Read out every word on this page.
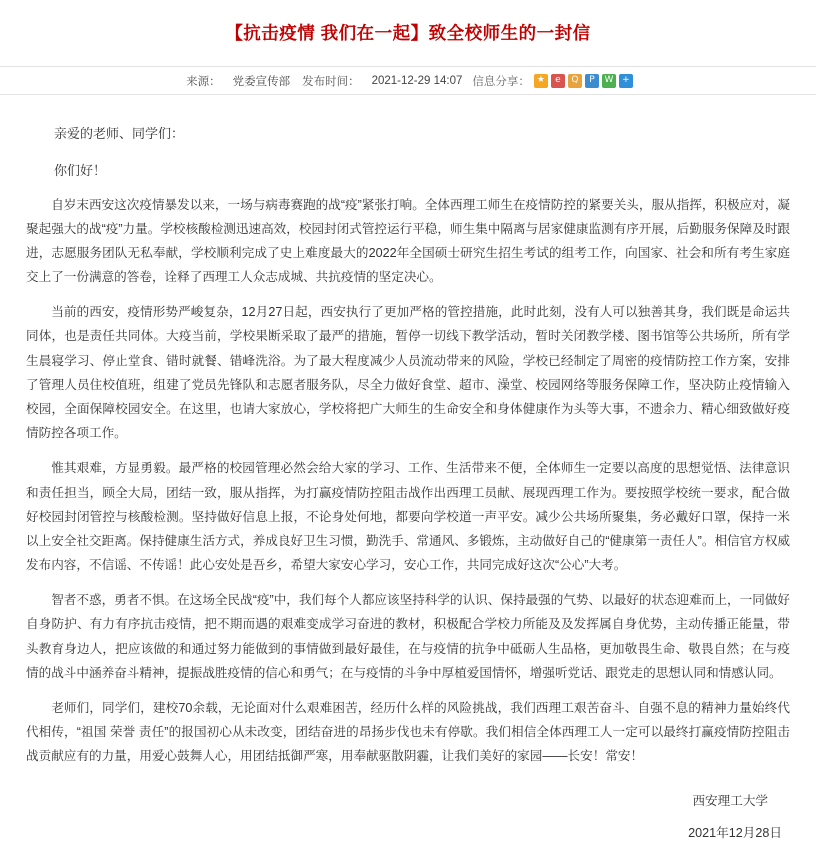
【抗击疫情 我们在一起】致全校师生的一封信
来源： 党委宣传部 发布时间： 2021-12-29 14:07 信息分享： ★	e	Q	P	W +

亲爱的老师、同学们：

你们好！

自岁末西安这次疫情暴发以来，一场与病毒赛跑的战“疫”紧张打响。全体西理工师生在疫情防控的紧要关头，服从指挥，积极应对，凝聚起强大的战“疫”力量。学校核酸检测迅速高效，校园封闭式管控运行平稳，师生集中隔离与居家健康监测有序开展，后勤服务保障及时跟进，志愿服务团队无私奉献，学校顺利完成了史上难度最大的2022年全国硕士研究生招生考试的组考工作，向国家、社会和所有考生家庭交上了一份满意的答卷，诠释了西理工人众志成城、共抗疫情的坚定决心。

当前的西安，疫情形势严峻复杂，12月27日起，西安执行了更加严格的管控措施，此时此刻，没有人可以独善其身，我们既是命运共同体，也是责任共同体。大疫当前，学校果断采取了最严的措施，暂停一切线下教学活动，暂时关闭教学楼、图书馆等公共场所，所有学生晨寝学习、停止堂食、错时就餐、错峰洗浴。为了最大程度减少人员流动带来的风险，学校已经制定了周密的疫情防控工作方案，安排了管理人员住校值班，组建了党员先锋队和志愿者服务队，尽全力做好食堂、超市、澡堂、校园网络等服务保障工作，坚决防止疫情输入校园，全面保障校园安全。在这里，也请大家放心，学校将把广大师生的生命安全和身体健康作为头等大事，不遗余力、精心细致做好疫情防控各项工作。

惟其艰难，方显勇毅。最严格的校园管理必然会给大家的学习、工作、生活带来不便，全体师生一定要以高度的思想觉悟、法律意识和责任担当，顾全大局，团结一致，服从指挥，为打赢疫情防控阻击战作出西理工员献、展现西理工作为。要按照学校统一要求，配合做好校园封闭管控与核酸检测。坚持做好信息上报，不论身处何地，都要向学校道一声平安。减少公共场所聚集，务必戴好口罩，保持一米以上安全社交距离。保持健康生活方式，养成良好卫生习惯，勤洗手、常通风、多锻炼，主动做好自己的“健康第一责任人”。相信官方权威发布内容，不信谣、不传谣！此心安处是吾乡，希望大家安心学习，安心工作，共同完成好这次“公心”大考。

智者不惑，勇者不惧。在这场全民战“疫”中，我们每个人都应该坚持科学的认识、保持最强的气势、以最好的状态迎难而上，一同做好自身防护、有力有序抗击疫情，把不期而遇的艰难变成学习奋进的教材，积极配合学校力所能及及发挥属自身优势，主动传播正能量，带头教育身边人，把应该做的和通过努力能做到的事情做到最好最佳，在与疫情的抗争中砥砺人生品格，更加敬畏生命、敬畏自然；在与疫情的战斗中涵养奋斗精神，提振战胜疫情的信心和勇气；在与疫情的斗争中厚植爱国情怀，增强听党话、跟党走的思想认同和情感认同。

老师们，同学们，建校70余载，无论面对什么艰难困苦，经历什么样的风险挑战，我们西理工艰苦奋斗、自强不息的精神力量始终代代相传，“祖国 荣誉 责任”的报国初心从未改变，团结奋进的昂扬步伐也未有停歇。我们相信全体西理工人一定可以最终打赢疫情防控阻击战贡献应有的力量，用爱心鼓舞人心，用团结抵御严寒，用奉献驱散阴霾，让我们美好的家园——长安！常安！

西安理工大学
2021年12月28日
